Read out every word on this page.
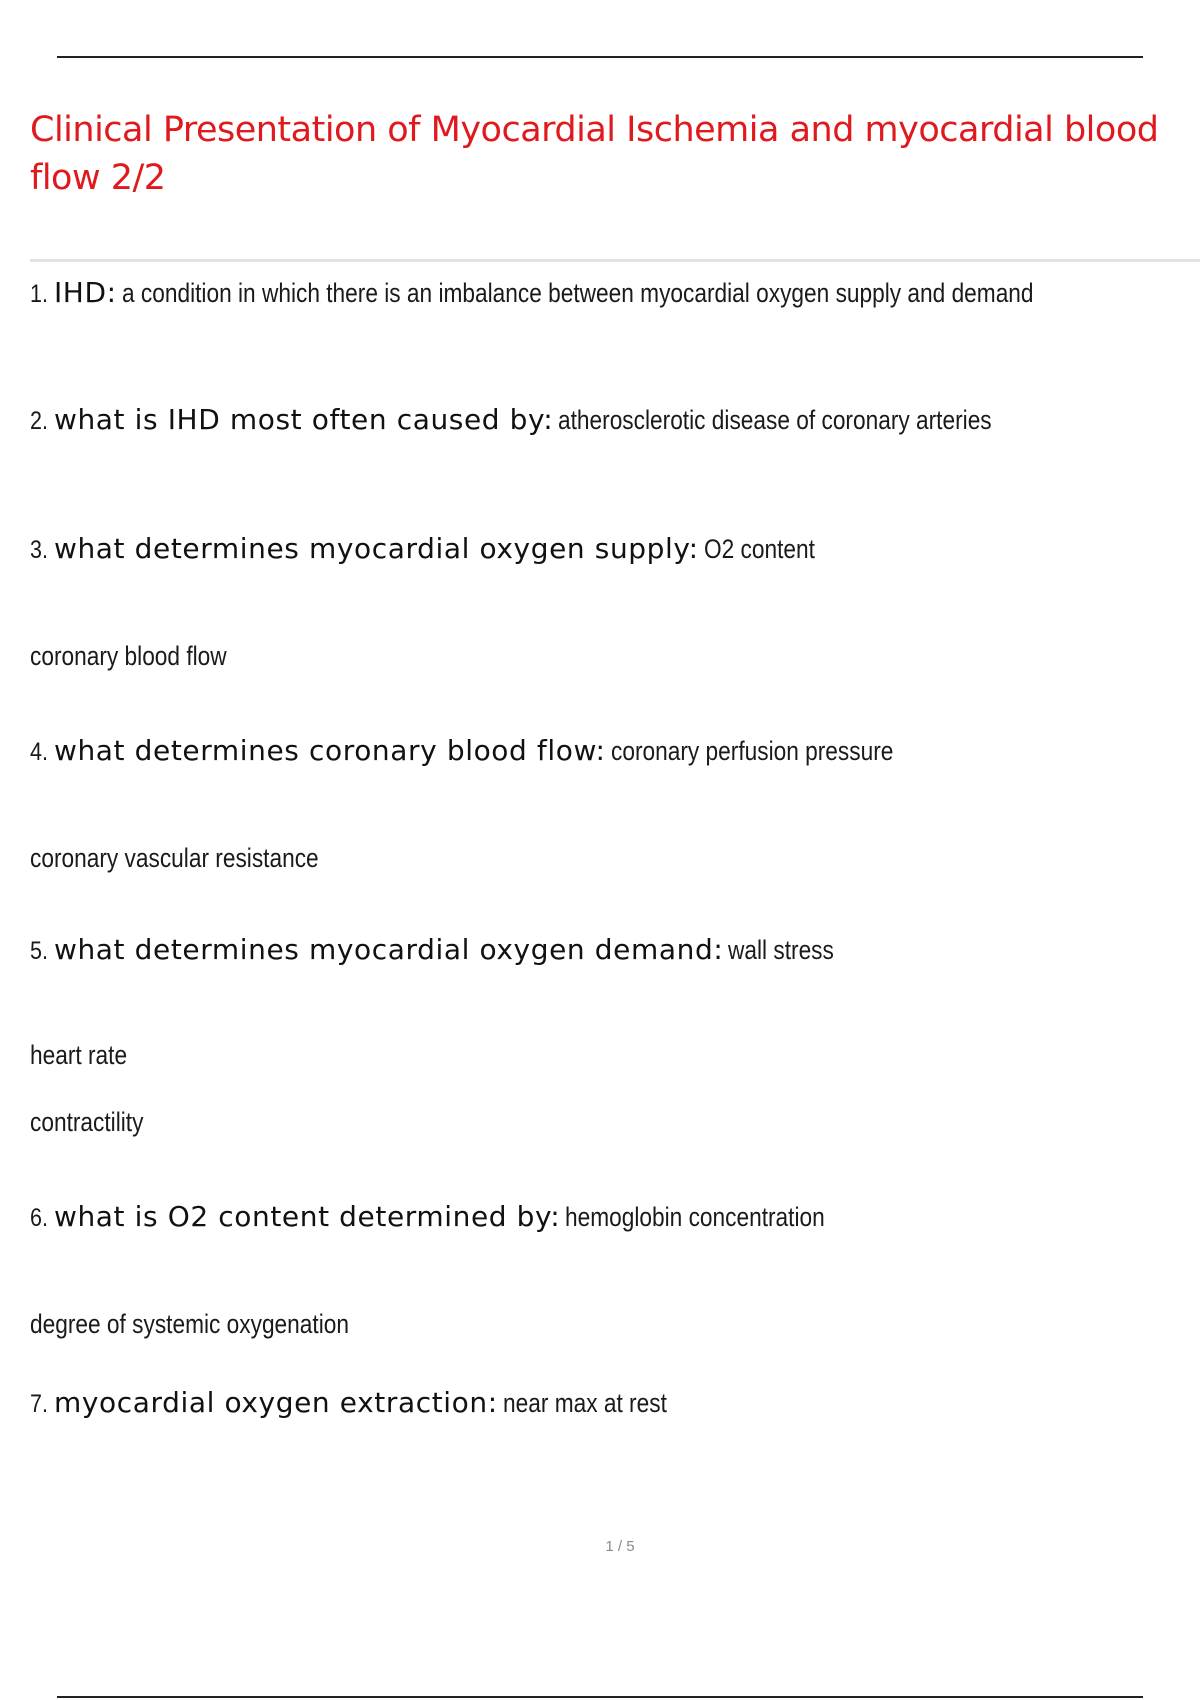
Clinical Presentation of Myocardial Ischemia and myocardial blood flow 2/2
1. IHD: a condition in which there is an imbalance between myocardial oxygen supply and demand
2. what is IHD most often caused by: atherosclerotic disease of coronary arteries
3. what determines myocardial oxygen supply: O2 content
coronary blood flow
4. what determines coronary blood flow: coronary perfusion pressure
coronary vascular resistance
5. what determines myocardial oxygen demand: wall stress
heart rate
contractility
6. what is O2 content determined by: hemoglobin concentration
degree of systemic oxygenation
7. myocardial oxygen extraction: near max at rest
1 / 5
